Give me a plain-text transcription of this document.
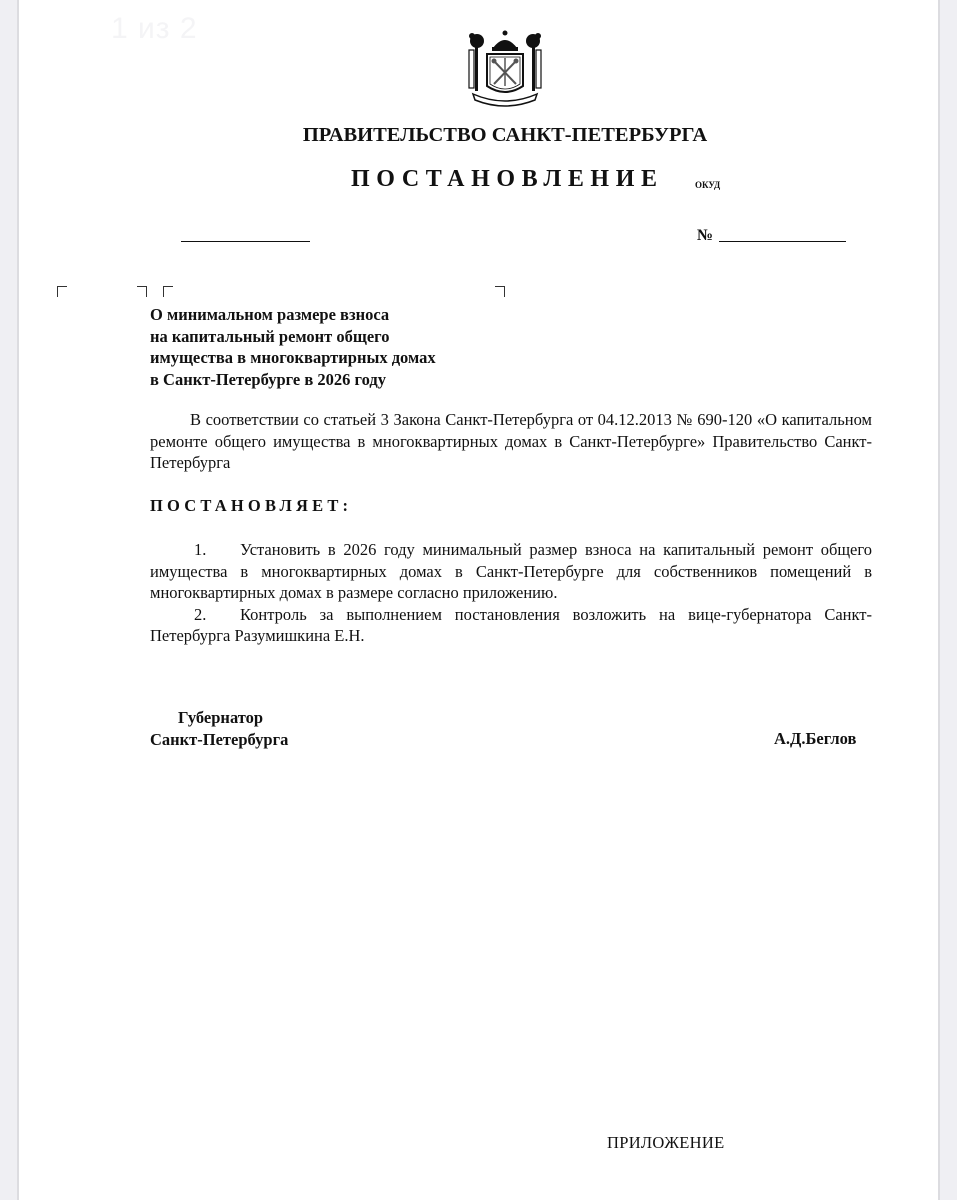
1 из 2
ПРАВИТЕЛЬСТВО САНКТ-ПЕТЕРБУРГА
ПОСТАНОВЛЕНИЕ	ОКУД
№
О минимальном размере взноса
на капитальный ремонт общего
имущества в многоквартирных домах
в Санкт-Петербурге в 2026 году
В соответствии со статьей 3 Закона Санкт-Петербурга от 04.12.2013 № 690-120 «О капитальном ремонте общего имущества в многоквартирных домах в Санкт-Петербурге» Правительство Санкт-Петербурга
ПОСТАНОВЛЯЕТ:
1. Установить в 2026 году минимальный размер взноса на капитальный ремонт общего имущества в многоквартирных домах в Санкт-Петербурге для собственников помещений в многоквартирных домах в размере согласно приложению.
2. Контроль за выполнением постановления возложить на вице-губернатора Санкт-Петербурга Разумишкина Е.Н.
Губернатор
Санкт-Петербурга	А.Д.Беглов
ПРИЛОЖЕНИЕ
